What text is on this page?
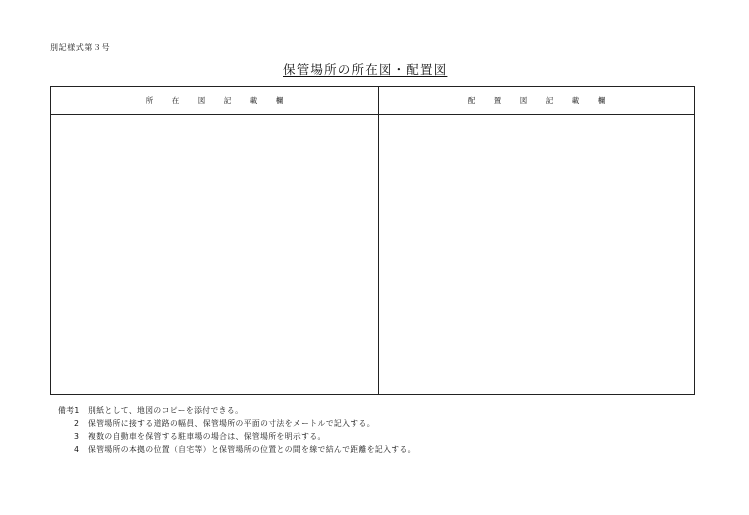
別記様式第３号
保管場所の所在図・配置図
所 在 図 記 載 欄	配 置 図 記 載 欄
備考1	別紙として、地図のコピーを添付できる。
2	保管場所に接する道路の幅員、保管場所の平面の寸法をメートルで記入する。
3	複数の自動車を保管する駐車場の場合は、保管場所を明示する。
4	保管場所の本拠の位置（自宅等）と保管場所の位置との間を線で結んで距離を記入する。
